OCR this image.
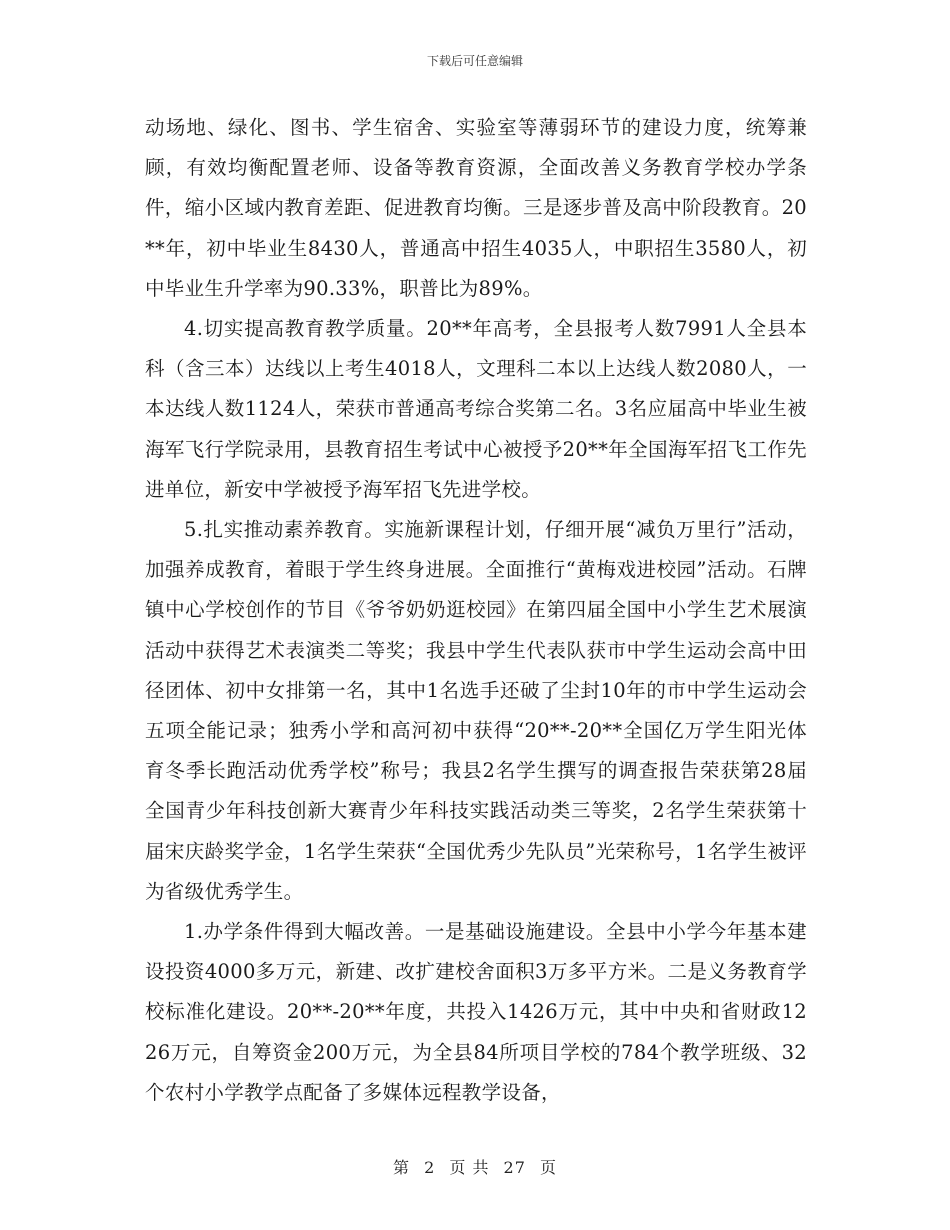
下载后可任意编辑

动场地、绿化、图书、学生宿舍、实验室等薄弱环节的建设力度，统筹兼顾，有效均衡配置老师、设备等教育资源，全面改善义务教育学校办学条件，缩小区域内教育差距、促进教育均衡。三是逐步普及高中阶段教育。20**年，初中毕业生8430人，普通高中招生4035人，中职招生3580人，初中毕业生升学率为90.33%，职普比为89%。

4.切实提高教育教学质量。20**年高考，全县报考人数7991人全县本科（含三本）达线以上考生4018人，文理科二本以上达线人数2080人，一本达线人数1124人，荣获市普通高考综合奖第二名。3名应届高中毕业生被海军飞行学院录用，县教育招生考试中心被授予20**年全国海军招飞工作先进单位，新安中学被授予海军招飞先进学校。

5.扎实推动素养教育。实施新课程计划，仔细开展“减负万里行”活动，加强养成教育，着眼于学生终身进展。全面推行“黄梅戏进校园”活动。石牌镇中心学校创作的节目《爷爷奶奶逛校园》在第四届全国中小学生艺术展演活动中获得艺术表演类二等奖；我县中学生代表队获市中学生运动会高中田径团体、初中女排第一名，其中1名选手还破了尘封10年的市中学生运动会五项全能记录；独秀小学和高河初中获得“20**-20**全国亿万学生阳光体育冬季长跑活动优秀学校”称号；我县2名学生撰写的调查报告荣获第28届全国青少年科技创新大赛青少年科技实践活动类三等奖，2名学生荣获第十届宋庆龄奖学金，1名学生荣获“全国优秀少先队员”光荣称号，1名学生被评为省级优秀学生。

1.办学条件得到大幅改善。一是基础设施建设。全县中小学今年基本建设投资4000多万元，新建、改扩建校舍面积3万多平方米。二是义务教育学校标准化建设。20**-20**年度，共投入1426万元，其中中央和省财政1226万元，自筹资金200万元，为全县84所项目学校的784个教学班级、32个农村小学教学点配备了多媒体远程教学设备，

第 2 页 共 27 页
